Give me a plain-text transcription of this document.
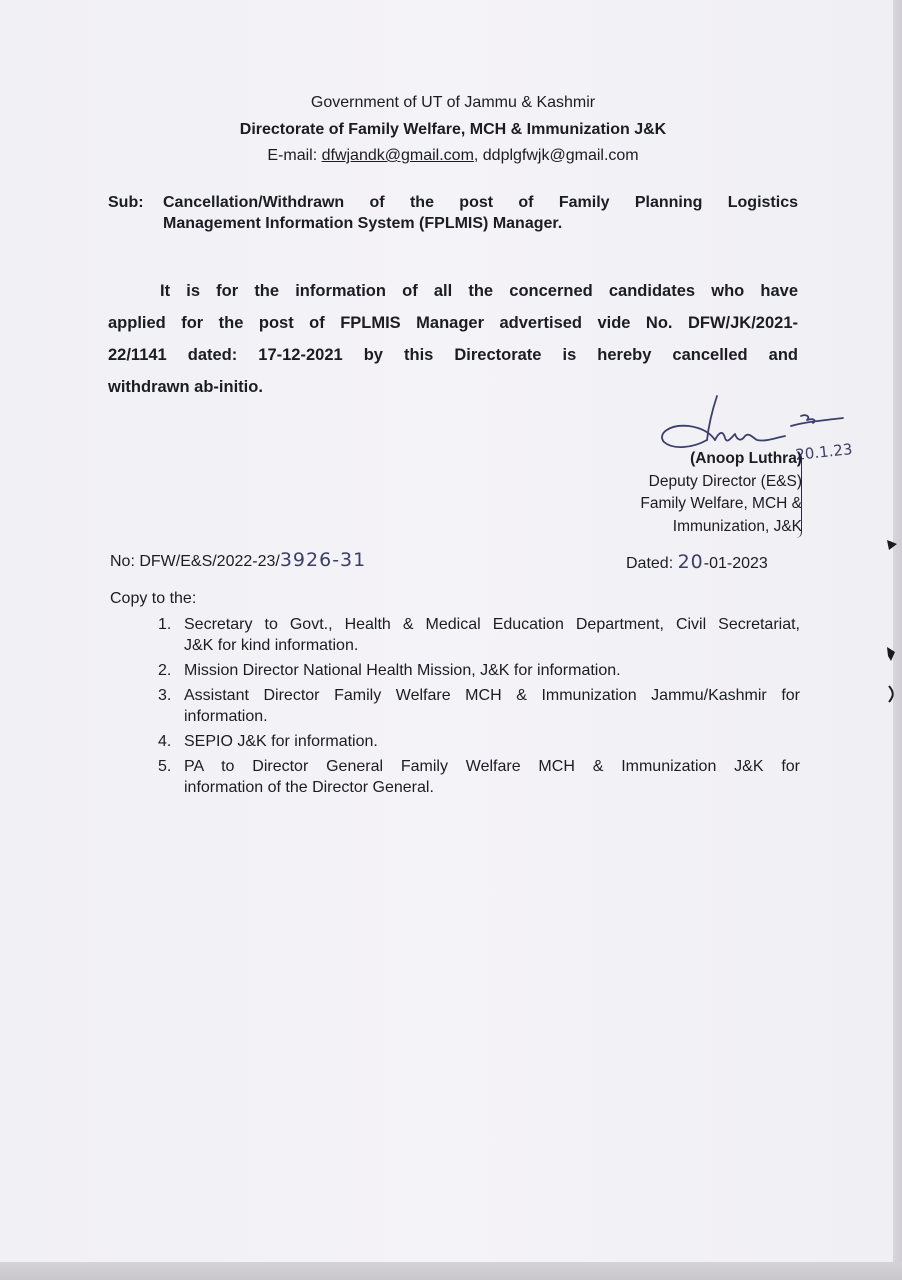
Government of UT of Jammu & Kashmir
Directorate of Family Welfare, MCH & Immunization J&K
E-mail: dfwjandk@gmail.com, ddplgfwjk@gmail.com
Sub: Cancellation/Withdrawn of the post of Family Planning Logistics
Management Information System (FPLMIS) Manager.
It is for the information of all the concerned candidates who have
applied for the post of FPLMIS Manager advertised vide No. DFW/JK/2021-
22/1141 dated: 17-12-2021 by this Directorate is hereby cancelled and
withdrawn ab-initio.
20.1.23
(Anoop Luthra)
Deputy Director (E&S)
Family Welfare, MCH &
Immunization, J&K
No: DFW/E&S/2022-23/3926-31	Dated: 20-01-2023
Copy to the:
1. Secretary to Govt., Health & Medical Education Department, Civil Secretariat,
J&K for kind information.
2. Mission Director National Health Mission, J&K for information.
3. Assistant Director Family Welfare MCH & Immunization Jammu/Kashmir for
information.
4. SEPIO J&K for information.
5. PA to Director General Family Welfare MCH & Immunization J&K for
information of the Director General.
